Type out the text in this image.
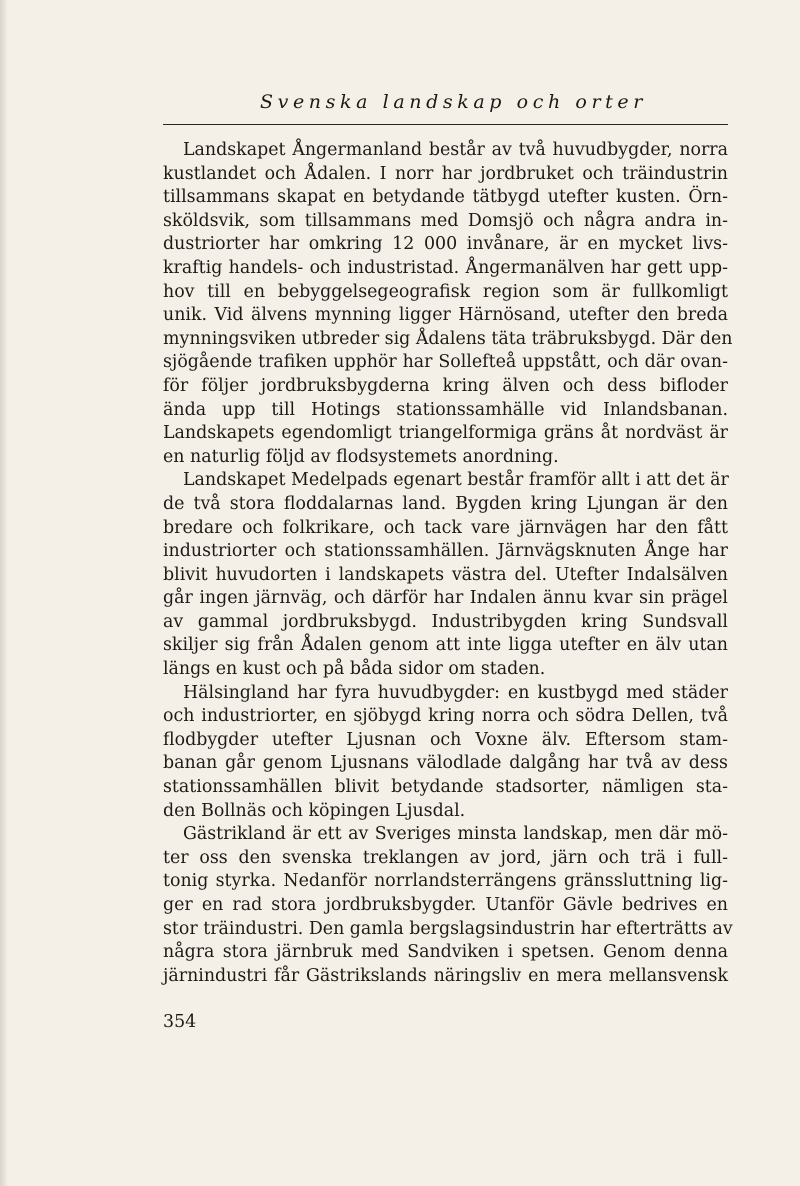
Svenska landskap och orter
Landskapet Ångermanland består av två huvudbygder, norra
kustlandet och Ådalen. I norr har jordbruket och träindustrin
tillsammans skapat en betydande tätbygd utefter kusten. Örn-
sköldsvik, som tillsammans med Domsjö och några andra in-
dustriorter har omkring 12 000 invånare, är en mycket livs-
kraftig handels- och industristad. Ångermanälven har gett upp-
hov till en bebyggelsegeografisk region som är fullkomligt
unik. Vid älvens mynning ligger Härnösand, utefter den breda
mynningsviken utbreder sig Ådalens täta träbruksbygd. Där den
sjögående trafiken upphör har Sollefteå uppstått, och där ovan-
för följer jordbruksbygderna kring älven och dess bifloder
ända upp till Hotings stationssamhälle vid Inlandsbanan.
Landskapets egendomligt triangelformiga gräns åt nordväst är
en naturlig följd av flodsystemets anordning.
Landskapet Medelpads egenart består framför allt i att det är
de två stora floddalarnas land. Bygden kring Ljungan är den
bredare och folkrikare, och tack vare järnvägen har den fått
industriorter och stationssamhällen. Järnvägsknuten Ånge har
blivit huvudorten i landskapets västra del. Utefter Indalsälven
går ingen järnväg, och därför har Indalen ännu kvar sin prägel
av gammal jordbruksbygd. Industribygden kring Sundsvall
skiljer sig från Ådalen genom att inte ligga utefter en älv utan
längs en kust och på båda sidor om staden.
Hälsingland har fyra huvudbygder: en kustbygd med städer
och industriorter, en sjöbygd kring norra och södra Dellen, två
flodbygder utefter Ljusnan och Voxne älv. Eftersom stam-
banan går genom Ljusnans välodlade dalgång har två av dess
stationssamhällen blivit betydande stadsorter, nämligen sta-
den Bollnäs och köpingen Ljusdal.
Gästrikland är ett av Sveriges minsta landskap, men där mö-
ter oss den svenska treklangen av jord, järn och trä i full-
tonig styrka. Nedanför norrlandsterrängens gränssluttning lig-
ger en rad stora jordbruksbygder. Utanför Gävle bedrives en
stor träindustri. Den gamla bergslagsindustrin har efterträtts av
några stora järnbruk med Sandviken i spetsen. Genom denna
järnindustri får Gästrikslands näringsliv en mera mellansvensk
354
